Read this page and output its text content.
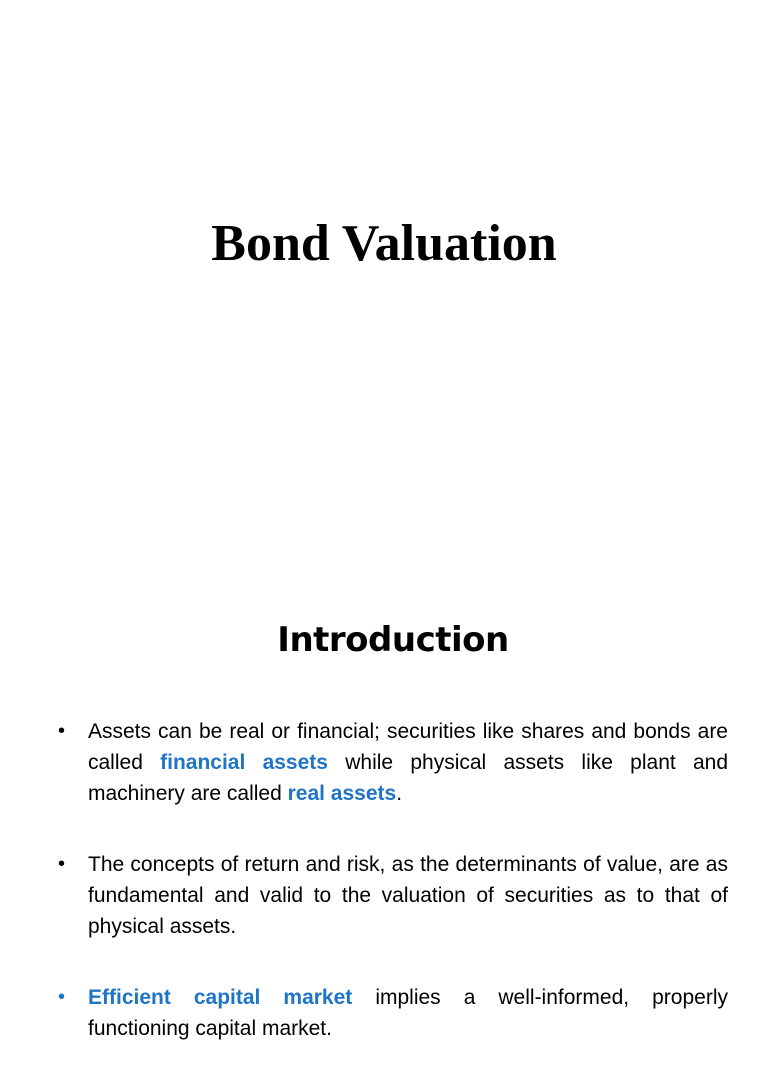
Bond Valuation
Introduction
• Assets can be real or financial; securities like shares and bonds are called financial assets while physical assets like plant and machinery are called real assets.
• The concepts of return and risk, as the determinants of value, are as fundamental and valid to the valuation of securities as to that of physical assets.
• Efficient capital market implies a well-informed, properly functioning capital market.
